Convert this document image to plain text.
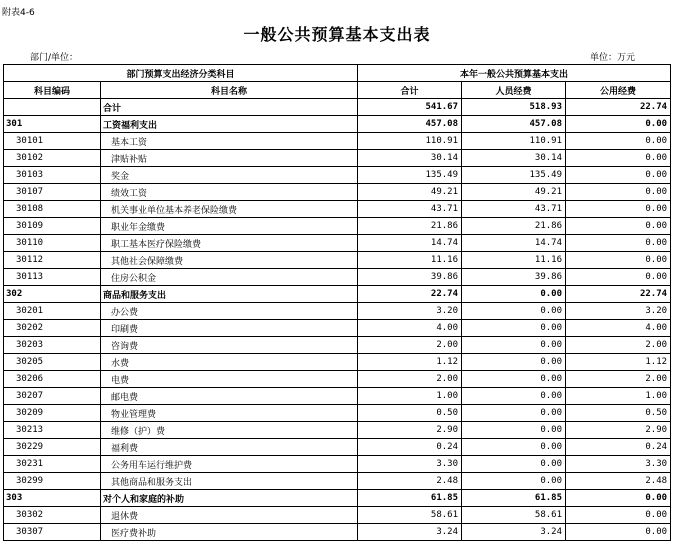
附表4-6
一般公共预算基本支出表
部门/单位：	单位：万元
部门预算支出经济分类科目		本年一般公共预算基本支出		
科目编码	科目名称	合计	人员经费	公用经费
	合计	541.67	518.93	22.74
301	工资福利支出	457.08	457.08	0.00
30101	基本工资	110.91	110.91	0.00
30102	津贴补贴	30.14	30.14	0.00
30103	奖金	135.49	135.49	0.00
30107	绩效工资	49.21	49.21	0.00
30108	机关事业单位基本养老保险缴费	43.71	43.71	0.00
30109	职业年金缴费	21.86	21.86	0.00
30110	职工基本医疗保险缴费	14.74	14.74	0.00
30112	其他社会保障缴费	11.16	11.16	0.00
30113	住房公积金	39.86	39.86	0.00
302	商品和服务支出	22.74	0.00	22.74
30201	办公费	3.20	0.00	3.20
30202	印刷费	4.00	0.00	4.00
30203	咨询费	2.00	0.00	2.00
30205	水费	1.12	0.00	1.12
30206	电费	2.00	0.00	2.00
30207	邮电费	1.00	0.00	1.00
30209	物业管理费	0.50	0.00	0.50
30213	维修（护）费	2.90	0.00	2.90
30229	福利费	0.24	0.00	0.24
30231	公务用车运行维护费	3.30	0.00	3.30
30299	其他商品和服务支出	2.48	0.00	2.48
303	对个人和家庭的补助	61.85	61.85	0.00
30302	退休费	58.61	58.61	0.00
30307	医疗费补助	3.24	3.24	0.00
